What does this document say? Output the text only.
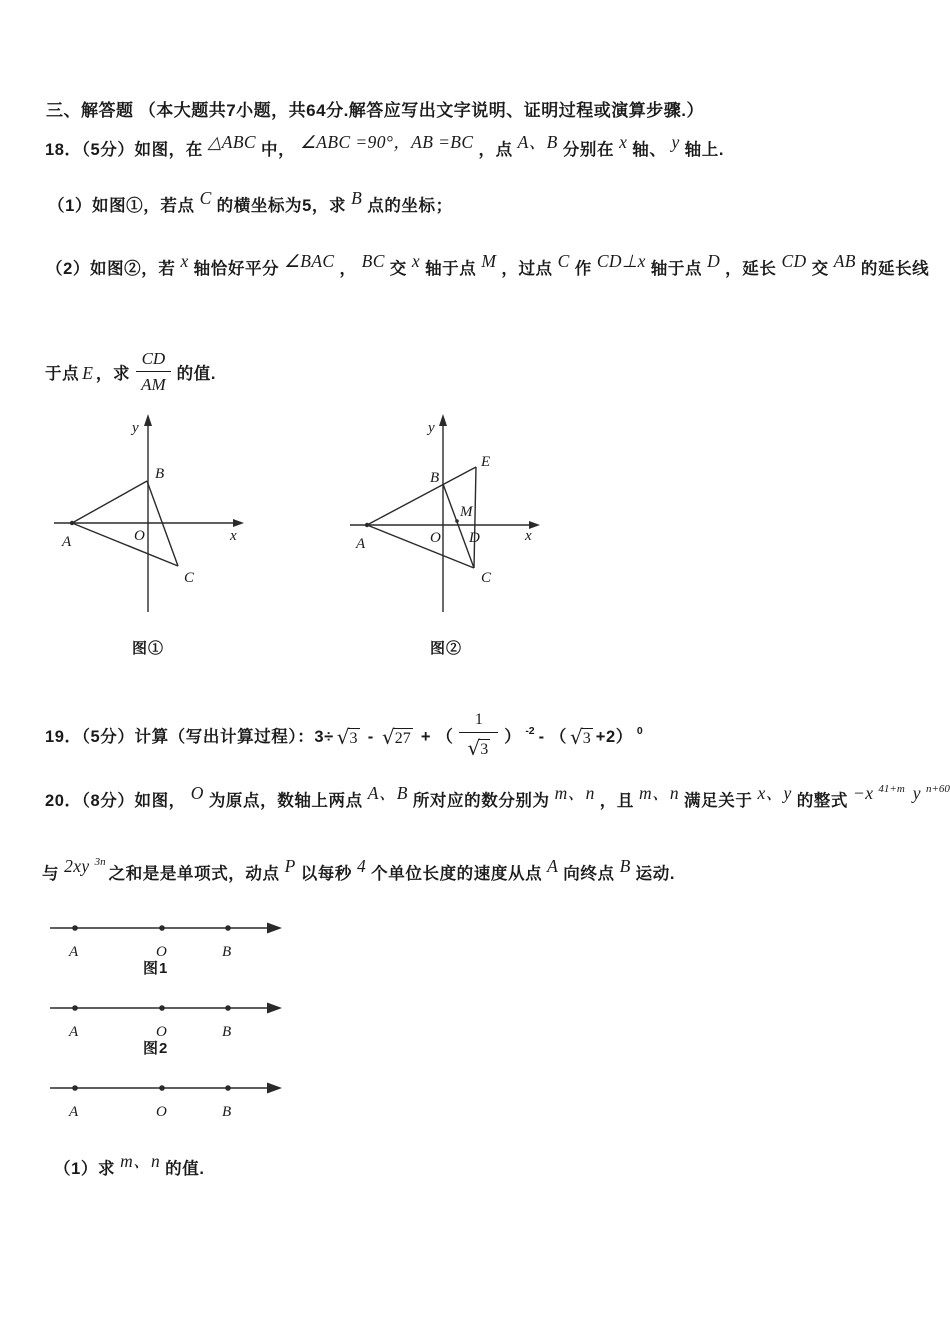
三、解答题 （本大题共7小题，共64分.解答应写出文字说明、证明过程或演算步骤.）
18．（5分）如图，在 △ABC 中， ∠ABC =90°，AB =BC ，点 A、B 分别在 x 轴、 y 轴上.
（1）如图①，若点 C 的横坐标为5，求 B 点的坐标；
（2）如图②，若 x 轴恰好平分 ∠BAC ， BC 交 x 轴于点 M ，过点 C 作 CD⊥x 轴于点 D ，延长 CD 交 AB 的延长线
于点 E ，求 $\frac{CD}{AM}$ 的值.
y
B
A	O	x
C
图①
y
B
E
M
O D	x
A
C
图②
19．（5分）计算（写出计算过程）：3÷ √ 3 - √ 27 + （ $\frac{1}{√ 3}$ ） $^{-2}$ - （ √ 3 +2） $^0$
20．（8分）如图， O 为原点，数轴上两点 A、B 所对应的数分别为 m、n ，且 m、n 满足关于 x、y 的整式 −x $^{41+m}$ y $^{n+60}$
与 2xy $^{3n}$之和是是单项式，动点 P 以每秒 4 个单位长度的速度从点 A 向终点 B 运动.
A	O	B
图1
A	O	B
图2
A	O	B
（1）求 m、n 的值.
